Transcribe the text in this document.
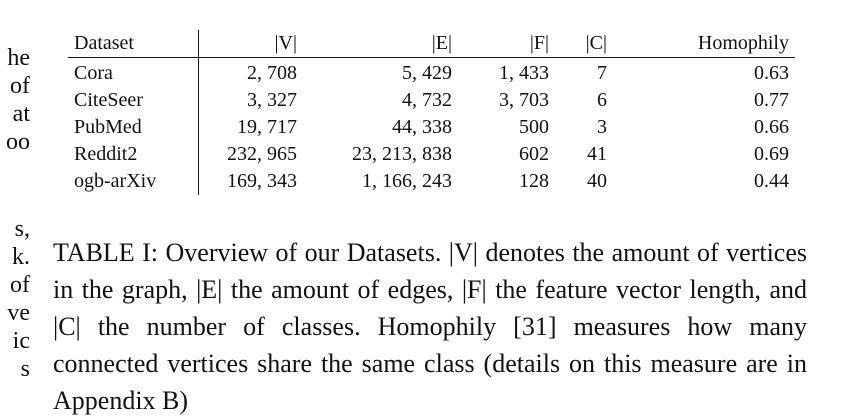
he
of
at
oo
s,
k.
of
ve
ic
s
Dataset	|V|	|E|	|F|	|C|	Homophily
Cora	2, 708	5, 429	1, 433	7	0.63
CiteSeer	3, 327	4, 732	3, 703	6	0.77
PubMed	19, 717	44, 338	500	3	0.66
Reddit2	232, 965	23, 213, 838	602	41	0.69
ogb-arXiv	169, 343	1, 166, 243	128	40	0.44

TABLE I: Overview of our Datasets. |V| denotes the amount of vertices in the graph, |E| the amount of edges, |F| the feature vector length, and |C| the number of classes. Homophily [31] measures how many connected vertices share the same class (details on this measure are in Appendix B)
